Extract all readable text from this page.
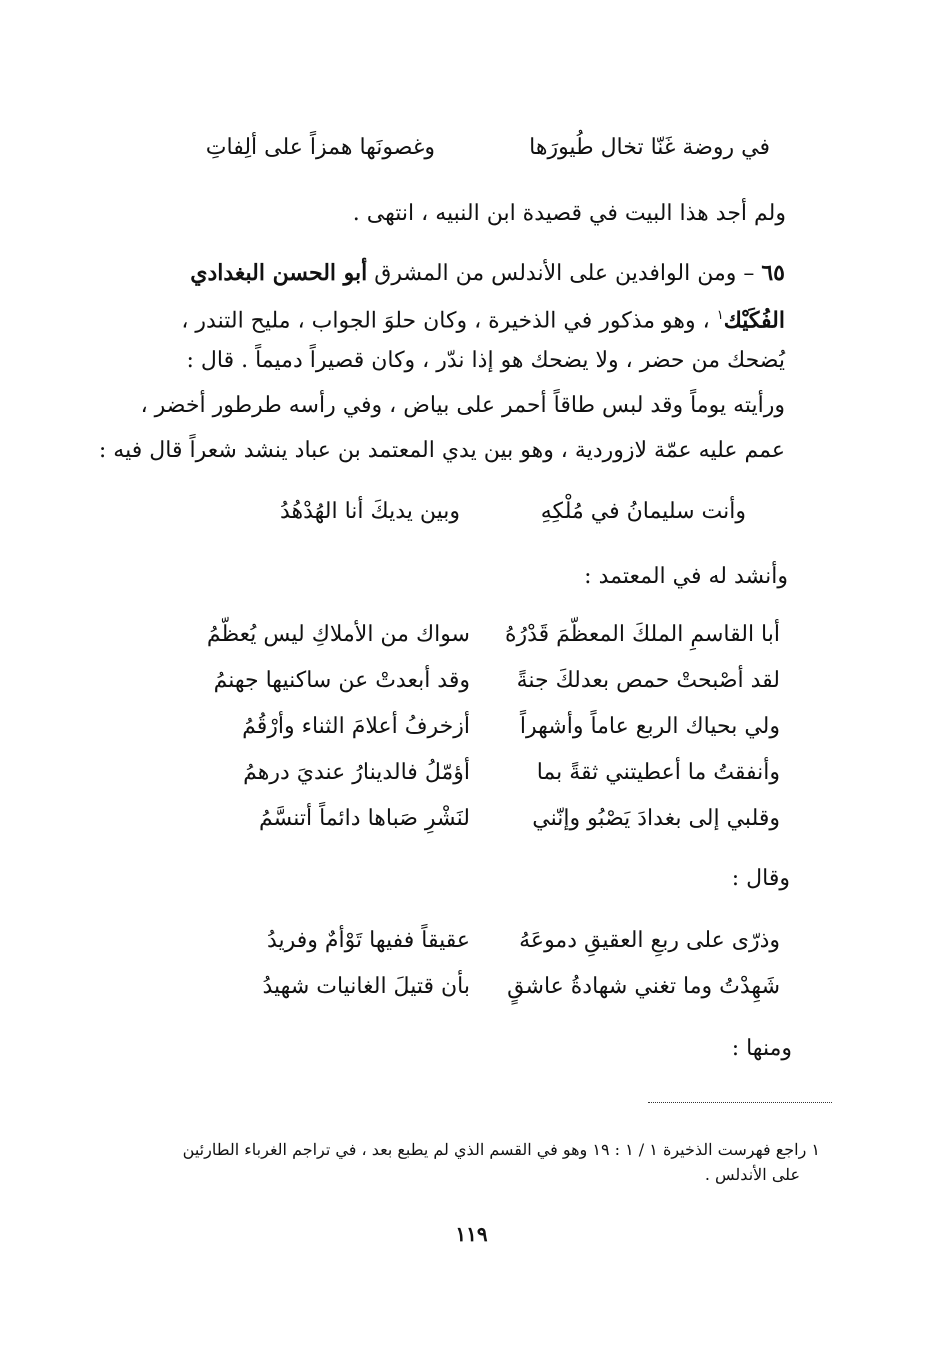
في روضة غَنّا تخال طُيورَها
وغصونَها همزاً على ألِفاتِ
ولم أجد هذا البيت في قصيدة ابن النبيه ، انتهى .
٦٥ – ومن الوافدين على الأندلس من المشرق أبو الحسن البغدادي
الفُكَيْك$^١$ ، وهو مذكور في الذخيرة ، وكان حلوَ الجواب ، مليح التندر ،
يُضحك من حضر ، ولا يضحك هو إذا ندّر ، وكان قصيراً دميماً . قال :
ورأيته يوماً وقد لبس طاقاً أحمر على بياض ، وفي رأسه طرطور أخضر ،
عمم عليه عمّة لازوردية ، وهو بين يدي المعتمد بن عباد ينشد شعراً قال فيه :
وأنت سليمانُ في مُلْكِهِ
وبين يديكَ أنا الهُدْهُدُ
وأنشد له في المعتمد :
أبا القاسمِ الملكَ المعظّمَ قَدْرُهُ
سواك من الأملاكِ ليس يُعظّمُ
لقد أصْبحتْ حمص بعدلكَ جنةً
وقد أبعدتْ عن ساكنيها جهنمُ
ولي بحياك الربع عاماً وأشهراً
أزخرفُ أعلامَ الثناء وأرْقُمُ
وأنفقتُ ما أعطيتني ثقةً بما
أؤمّلُ فالدينارُ عنديَ درهمُ
وقلبي إلى بغدادَ يَصْبُو وإنّني
لنَشْرِ صَباها دائماً أتنسَّمُ
وقال :
وذرّى على ربعِ العقيقِ دموعَهُ
عقيقاً ففيها تَوْأمٌ وفريدُ
شَهِدْتُ وما تغني شهادةُ عاشقٍ
بأن قتيلَ الغانيات شهيدُ
ومنها :
١ راجع فهرست الذخيرة ١ / ١ : ١٩ وهو في القسم الذي لم يطبع بعد ، في تراجم الغرباء الطارئين
على الأندلس .
١١٩
